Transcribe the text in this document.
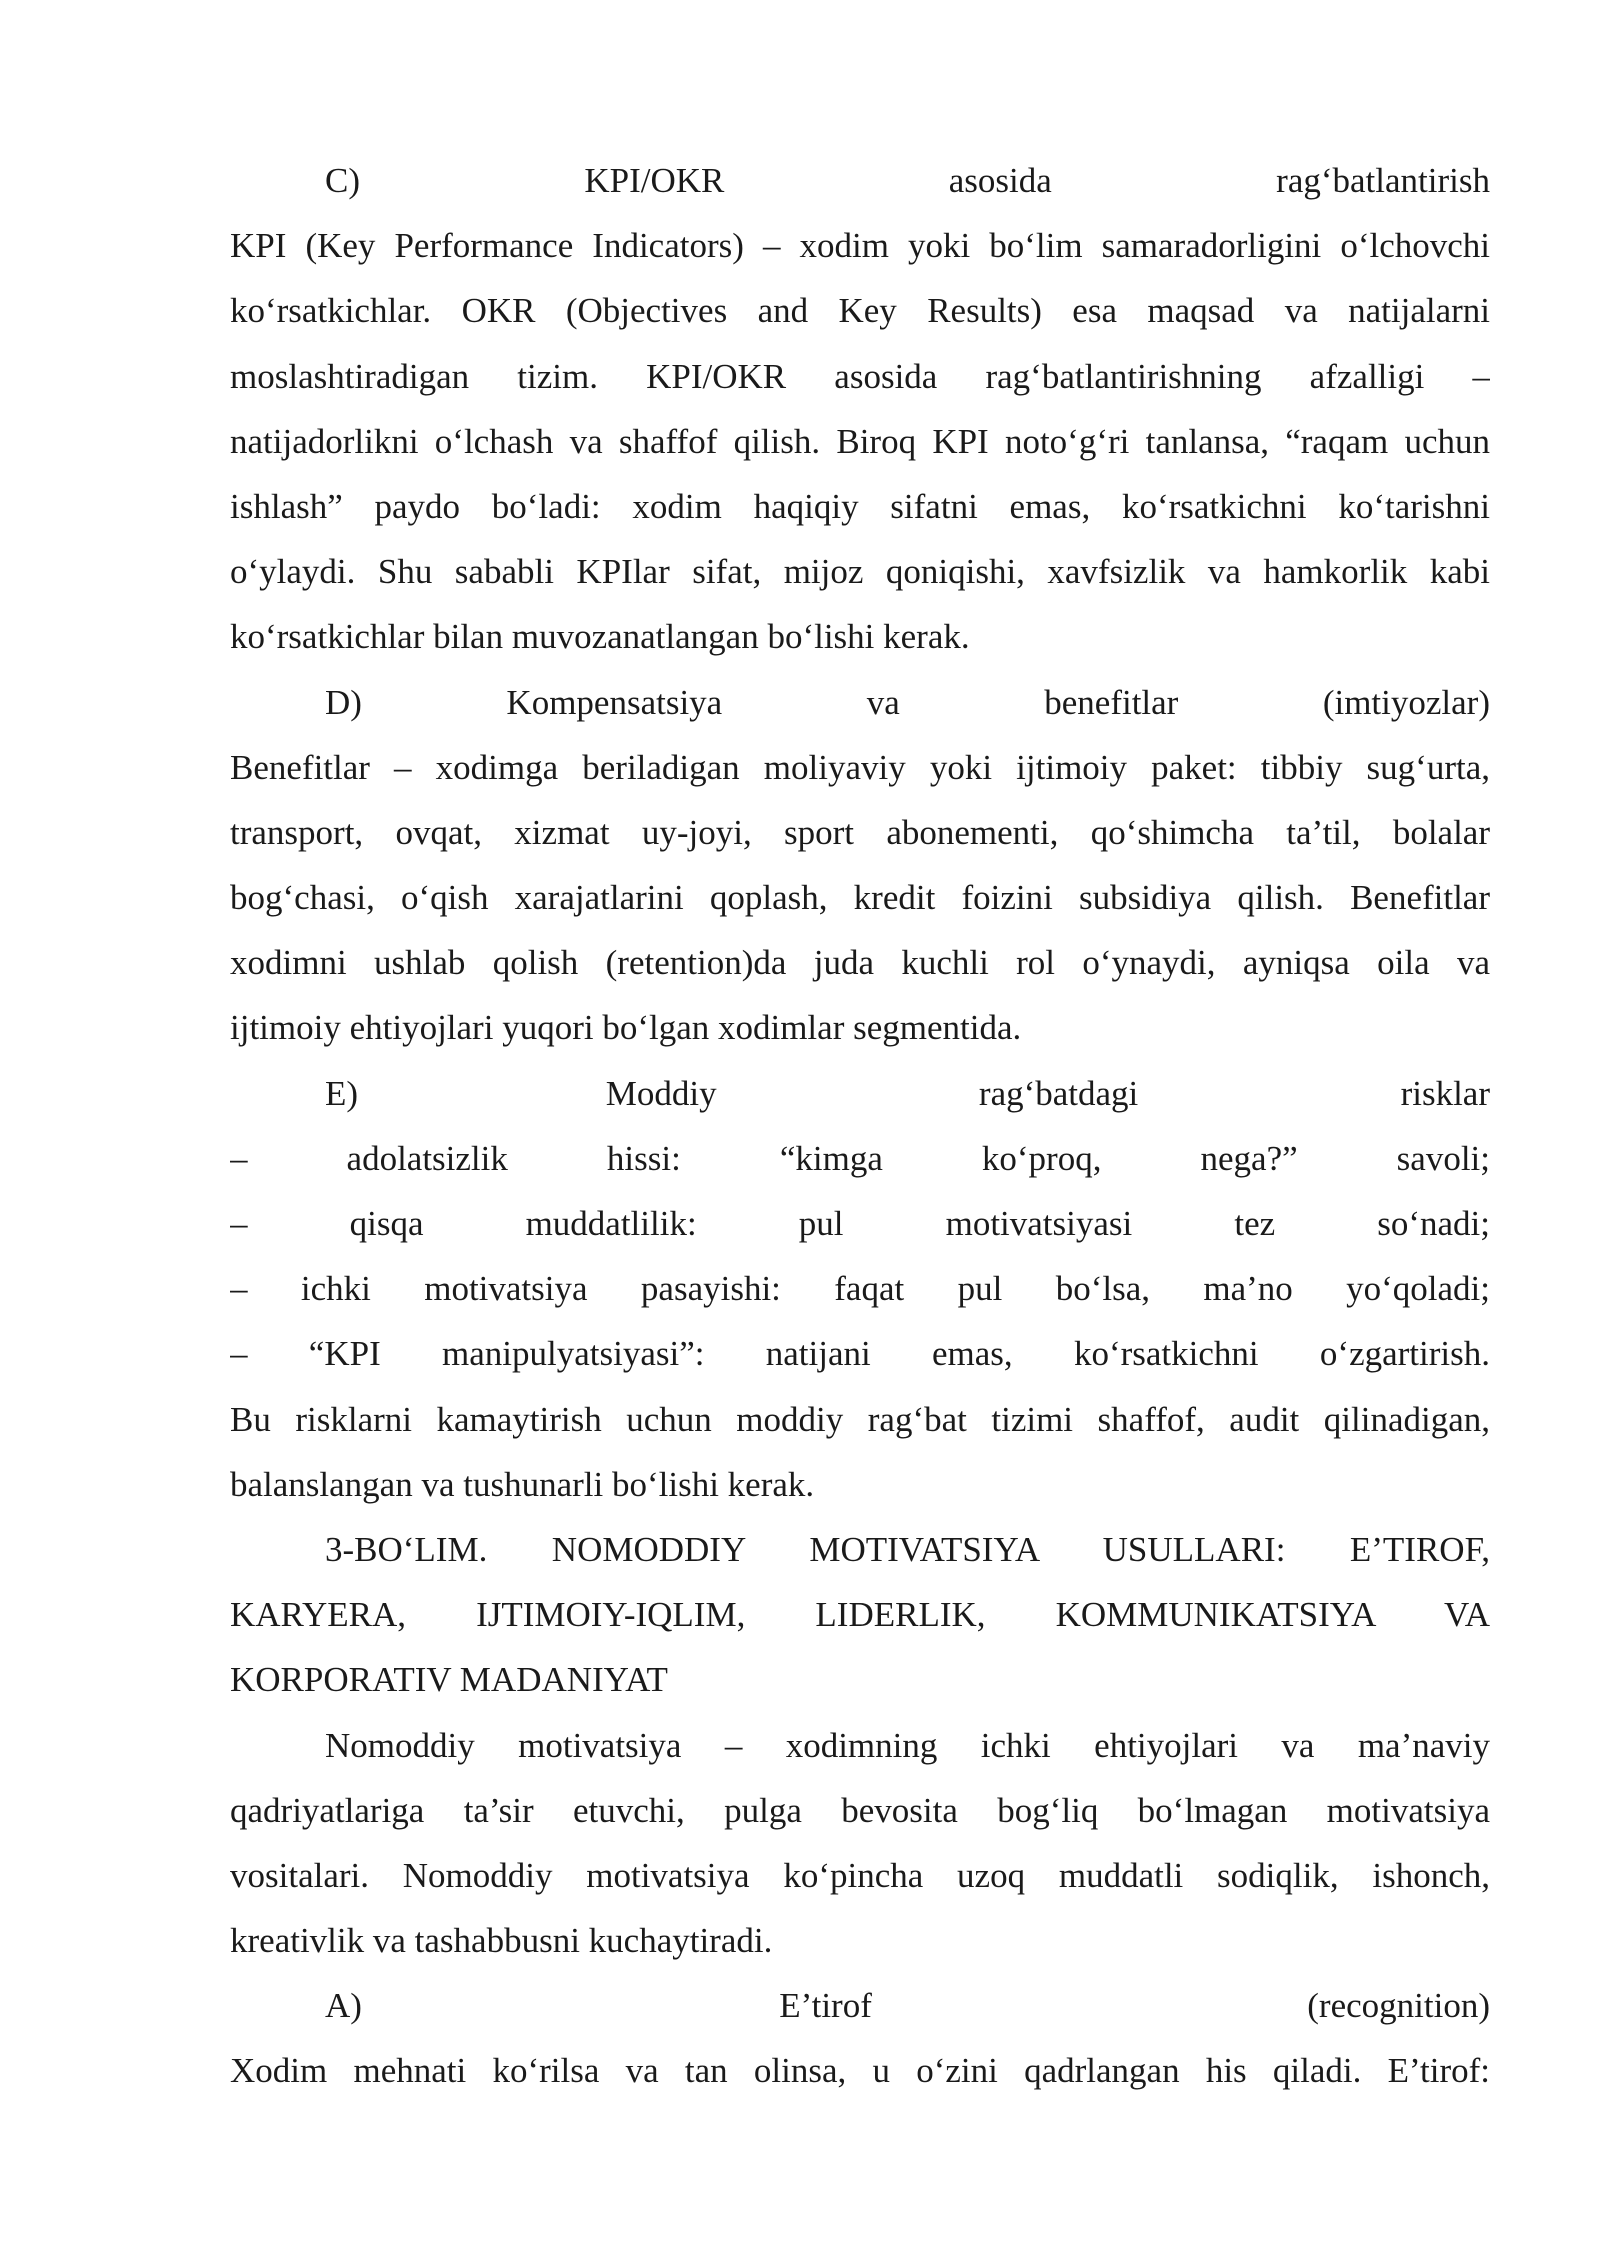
C)                  KPI/OKR                  asosida                  rag‘batlantirish
KPI (Key Performance Indicators) – xodim yoki bo‘lim samaradorligini o‘lchovchi
ko‘rsatkichlar. OKR (Objectives and Key Results) esa maqsad va natijalarni
moslashtiradigan tizim. KPI/OKR asosida rag‘batlantirishning afzalligi –
natijadorlikni o‘lchash va shaffof qilish. Biroq KPI noto‘g‘ri tanlansa, “raqam uchun
ishlash” paydo bo‘ladi: xodim haqiqiy sifatni emas, ko‘rsatkichni ko‘tarishni
o‘ylaydi. Shu sababli KPIlar sifat, mijoz qoniqishi, xavfsizlik va hamkorlik kabi
ko‘rsatkichlar bilan muvozanatlangan bo‘lishi kerak.
D)             Kompensatsiya             va             benefitlar             (imtiyozlar)
Benefitlar – xodimga beriladigan moliyaviy yoki ijtimoiy paket: tibbiy sug‘urta,
transport, ovqat, xizmat uy-joyi, sport abonementi, qo‘shimcha ta’til, bolalar
bog‘chasi, o‘qish xarajatlarini qoplash, kredit foizini subsidiya qilish. Benefitlar
xodimni ushlab qolish (retention)da juda kuchli rol o‘ynaydi, ayniqsa oila va
ijtimoiy ehtiyojlari yuqori bo‘lgan xodimlar segmentida.
E)                 Moddiy                  rag‘batdagi                  risklar
– adolatsizlik hissi: “kimga ko‘proq, nega?” savoli;
– qisqa muddatlilik: pul motivatsiyasi tez so‘nadi;
– ichki motivatsiya pasayishi: faqat pul bo‘lsa, ma’no yo‘qoladi;
– “KPI manipulyatsiyasi”: natijani emas, ko‘rsatkichni o‘zgartirish.
Bu risklarni kamaytirish uchun moddiy rag‘bat tizimi shaffof, audit qilinadigan,
balanslangan va tushunarli bo‘lishi kerak.
3-BO‘LIM. NOMODDIY MOTIVATSIYA USULLARI: E’TIROF,
KARYERA, IJTIMOIY-IQLIM, LIDERLIK, KOMMUNIKATSIYA VA
KORPORATIV MADANIYAT
Nomoddiy motivatsiya – xodimning ichki ehtiyojlari va ma’naviy
qadriyatlariga ta’sir etuvchi, pulga bevosita bog‘liq bo‘lmagan motivatsiya
vositalari. Nomoddiy motivatsiya ko‘pincha uzoq muddatli sodiqlik, ishonch,
kreativlik va tashabbusni kuchaytiradi.
A)                       E’tirof                        (recognition)
Xodim mehnati ko‘rilsa va tan olinsa, u o‘zini qadrlangan his qiladi. E’tirof:
